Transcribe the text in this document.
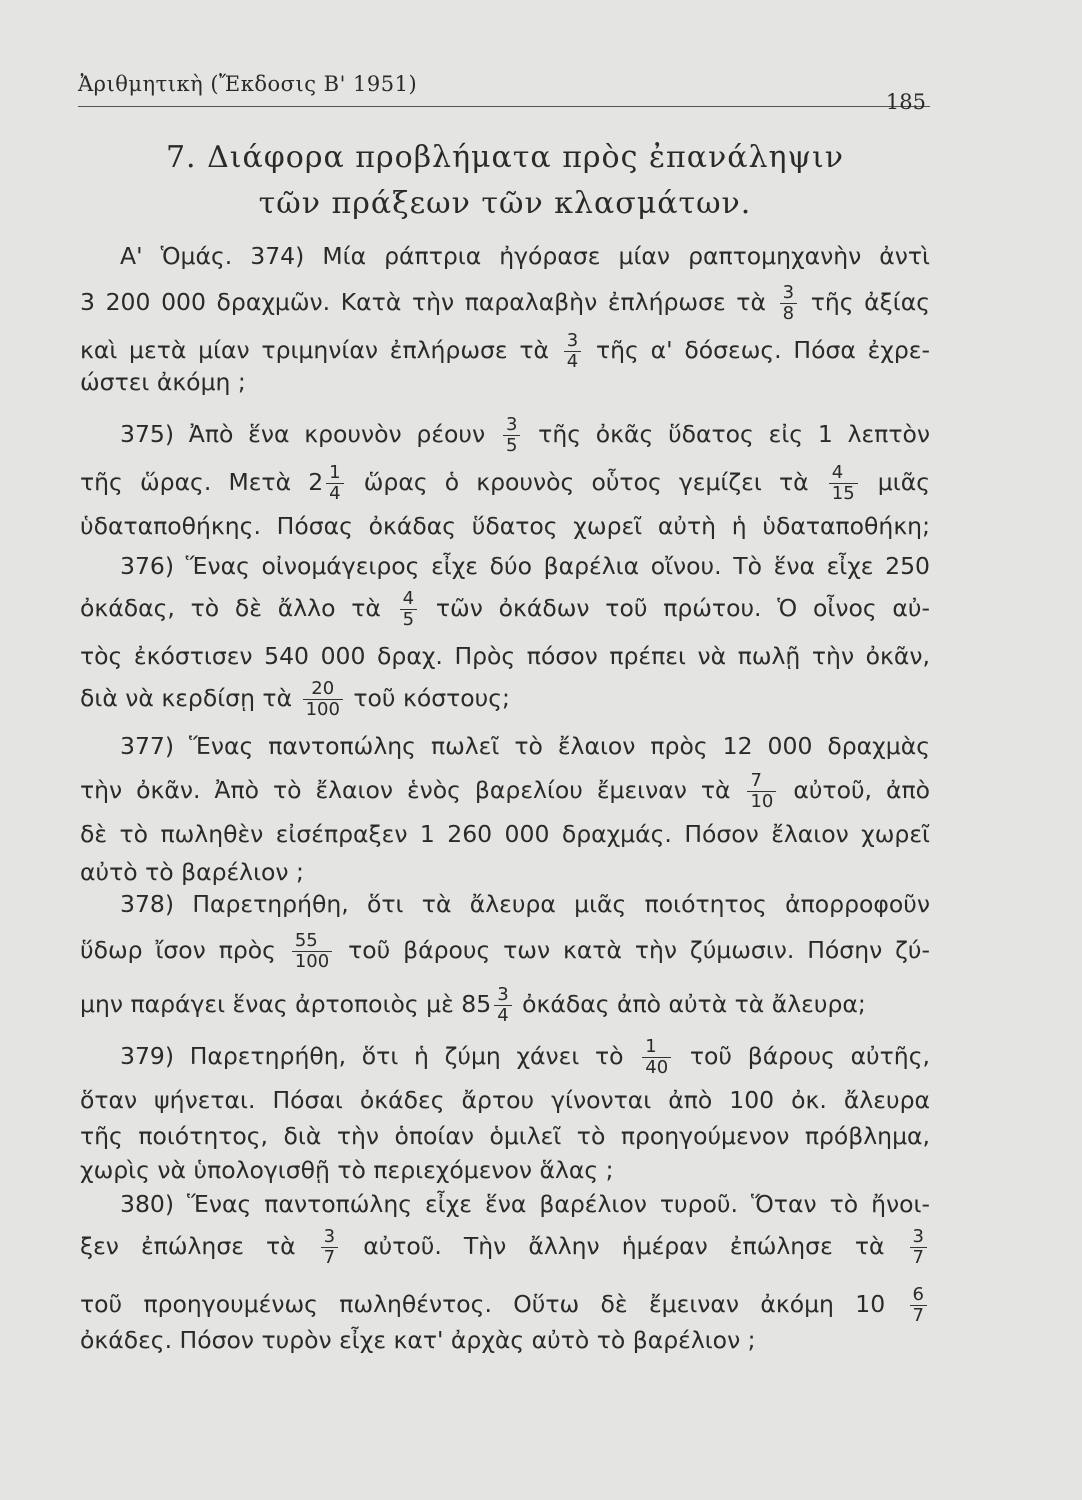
Ἀριθμητικὴ (Ἔκδοσις Β' 1951)
185
7. Διάφορα προβλήματα πρὸς ἐπανάληψιν
τῶν πράξεων τῶν κλασμάτων.
Α' Ὁμάς. 374) Μία ράπτρια ἠγόρασε μίαν ραπτομηχανὴν ἀντὶ
3 200 000 δραχμῶν. Κατὰ τὴν παραλαβὴν ἐπλήρωσε τὰ $\frac{3}{8}$ τῆς ἀξίας
καὶ μετὰ μίαν τριμηνίαν ἐπλήρωσε τὰ $\frac{3}{4}$ τῆς α' δόσεως. Πόσα ἐχρε-
ώστει ἀκόμη ;
375) Ἀπὸ ἕνα κρουνὸν ρέουν $\frac{3}{5}$ τῆς ὀκᾶς ὕδατος εἰς 1 λεπτὸν
τῆς ὥρας. Μετὰ $2 \frac{1}{4}$ ὥρας ὁ κρουνὸς οὗτος γεμίζει τὰ $\frac{4}{15}$ μιᾶς
ὑδαταποθήκης. Πόσας ὀκάδας ὕδατος χωρεῖ αὐτὴ ἡ ὑδαταποθήκη;
376) Ἕνας οἰνομάγειρος εἶχε δύο βαρέλια οἴνου. Τὸ ἕνα εἶχε 250
ὀκάδας, τὸ δὲ ἄλλο τὰ $\frac{4}{5}$ τῶν ὀκάδων τοῦ πρώτου. Ὁ οἶνος αὐ-
τὸς ἐκόστισεν 540 000 δραχ. Πρὸς πόσον πρέπει νὰ πωλῇ τὴν ὀκᾶν,
διὰ νὰ κερδίσῃ τὰ $\frac{20}{100}$ τοῦ κόστους;
377) Ἕνας παντοπώλης πωλεῖ τὸ ἔλαιον πρὸς 12 000 δραχμὰς
τὴν ὀκᾶν. Ἀπὸ τὸ ἔλαιον ἑνὸς βαρελίου ἔμειναν τὰ $\frac{7}{10}$ αὐτοῦ, ἀπὸ
δὲ τὸ πωληθὲν εἰσέπραξεν 1 260 000 δραχμάς. Πόσον ἔλαιον χωρεῖ
αὐτὸ τὸ βαρέλιον ;
378) Παρετηρήθη, ὅτι τὰ ἄλευρα μιᾶς ποιότητος ἀπορροφοῦν
ὕδωρ ἴσον πρὸς $\frac{55}{100}$ τοῦ βάρους των κατὰ τὴν ζύμωσιν. Πόσην ζύ-
μην παράγει ἕνας ἀρτοποιὸς μὲ $85 \frac{3}{4}$ ὀκάδας ἀπὸ αὐτὰ τὰ ἄλευρα;
379) Παρετηρήθη, ὅτι ἡ ζύμη χάνει τὸ $\frac{1}{40}$ τοῦ βάρους αὐτῆς,
ὅταν ψήνεται. Πόσαι ὀκάδες ἄρτου γίνονται ἀπὸ 100 ὀκ. ἄλευρα
τῆς ποιότητος, διὰ τὴν ὁποίαν ὁμιλεῖ τὸ προηγούμενον πρόβλημα,
χωρὶς νὰ ὑπολογισθῇ τὸ περιεχόμενον ἅλας ;
380) Ἕνας παντοπώλης εἶχε ἕνα βαρέλιον τυροῦ. Ὅταν τὸ ἤνοι-
ξεν ἐπώλησε τὰ $\frac{3}{7}$ αὐτοῦ. Τὴν ἄλλην ἡμέραν ἐπώλησε τὰ $\frac{3}{7}$
τοῦ προηγουμένως πωληθέντος. Οὕτω δὲ ἔμειναν ἀκόμη $10 \frac{6}{7}$
ὀκάδες. Πόσον τυρὸν εἶχε κατ' ἀρχὰς αὐτὸ τὸ βαρέλιον ;
